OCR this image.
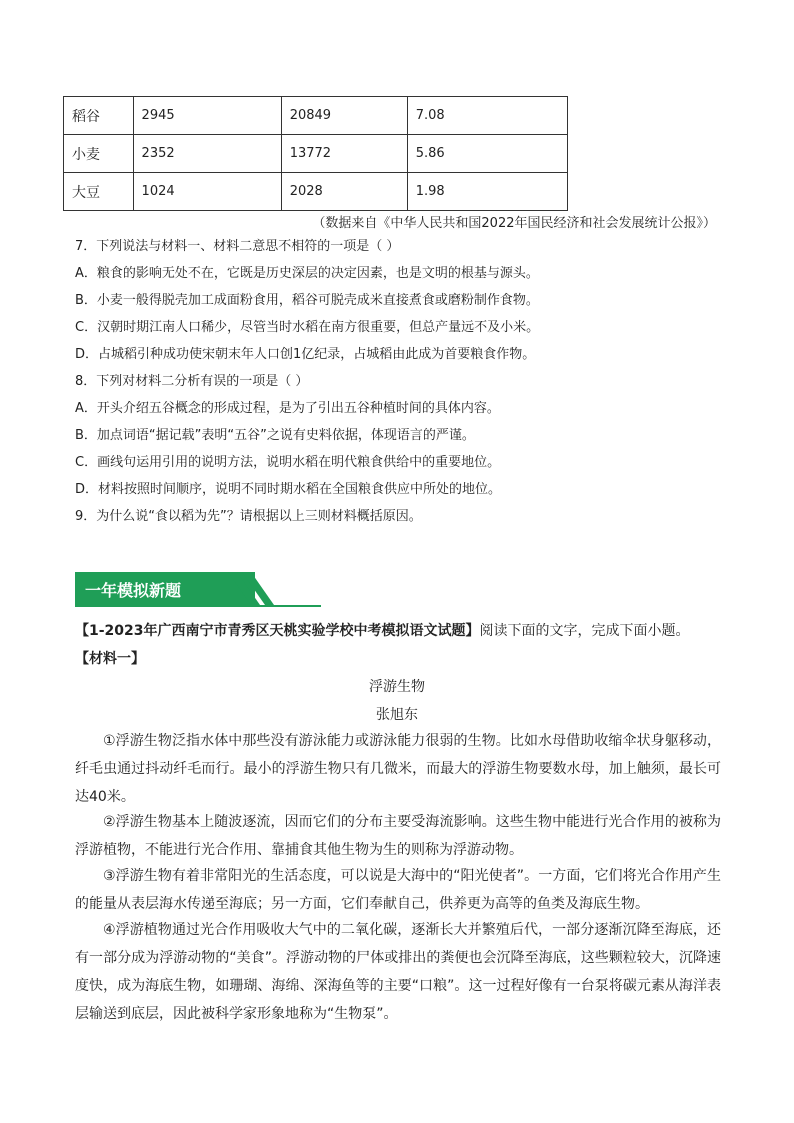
稻谷	2945	20849	7.08
小麦	2352	13772	5.86
大豆	1024	2028	1.98
（数据来自《中华人民共和国2022年国民经济和社会发展统计公报》）
7．下列说法与材料一、材料二意思不相符的一项是（ ）
A．粮食的影响无处不在，它既是历史深层的决定因素，也是文明的根基与源头。
B．小麦一般得脱壳加工成面粉食用，稻谷可脱壳成米直接煮食或磨粉制作食物。
C．汉朝时期江南人口稀少，尽管当时水稻在南方很重要，但总产量远不及小米。
D．占城稻引种成功使宋朝末年人口创1亿纪录，占城稻由此成为首要粮食作物。
8．下列对材料二分析有误的一项是（ ）
A．开头介绍五谷概念的形成过程，是为了引出五谷种植时间的具体内容。
B．加点词语“据记载”表明“五谷”之说有史料依据，体现语言的严谨。
C．画线句运用引用的说明方法，说明水稻在明代粮食供给中的重要地位。
D．材料按照时间顺序，说明不同时期水稻在全国粮食供应中所处的地位。
9．为什么说“食以稻为先”？请根据以上三则材料概括原因。
一年模拟新题
【1-2023年广西南宁市青秀区天桃实验学校中考模拟语文试题】阅读下面的文字，完成下面小题。
【材料一】
浮游生物
张旭东
①浮游生物泛指水体中那些没有游泳能力或游泳能力很弱的生物。比如水母借助收缩伞状身躯移动，纤毛虫通过抖动纤毛而行。最小的浮游生物只有几微米，而最大的浮游生物要数水母，加上触须，最长可达40米。
②浮游生物基本上随波逐流，因而它们的分布主要受海流影响。这些生物中能进行光合作用的被称为浮游植物，不能进行光合作用、靠捕食其他生物为生的则称为浮游动物。
③浮游生物有着非常阳光的生活态度，可以说是大海中的“阳光使者”。一方面，它们将光合作用产生的能量从表层海水传递至海底；另一方面，它们奉献自己，供养更为高等的鱼类及海底生物。
④浮游植物通过光合作用吸收大气中的二氧化碳，逐渐长大并繁殖后代，一部分逐渐沉降至海底，还有一部分成为浮游动物的“美食”。浮游动物的尸体或排出的粪便也会沉降至海底，这些颗粒较大，沉降速度快，成为海底生物，如珊瑚、海绵、深海鱼等的主要“口粮”。这一过程好像有一台泵将碳元素从海洋表层输送到底层，因此被科学家形象地称为“生物泵”。
